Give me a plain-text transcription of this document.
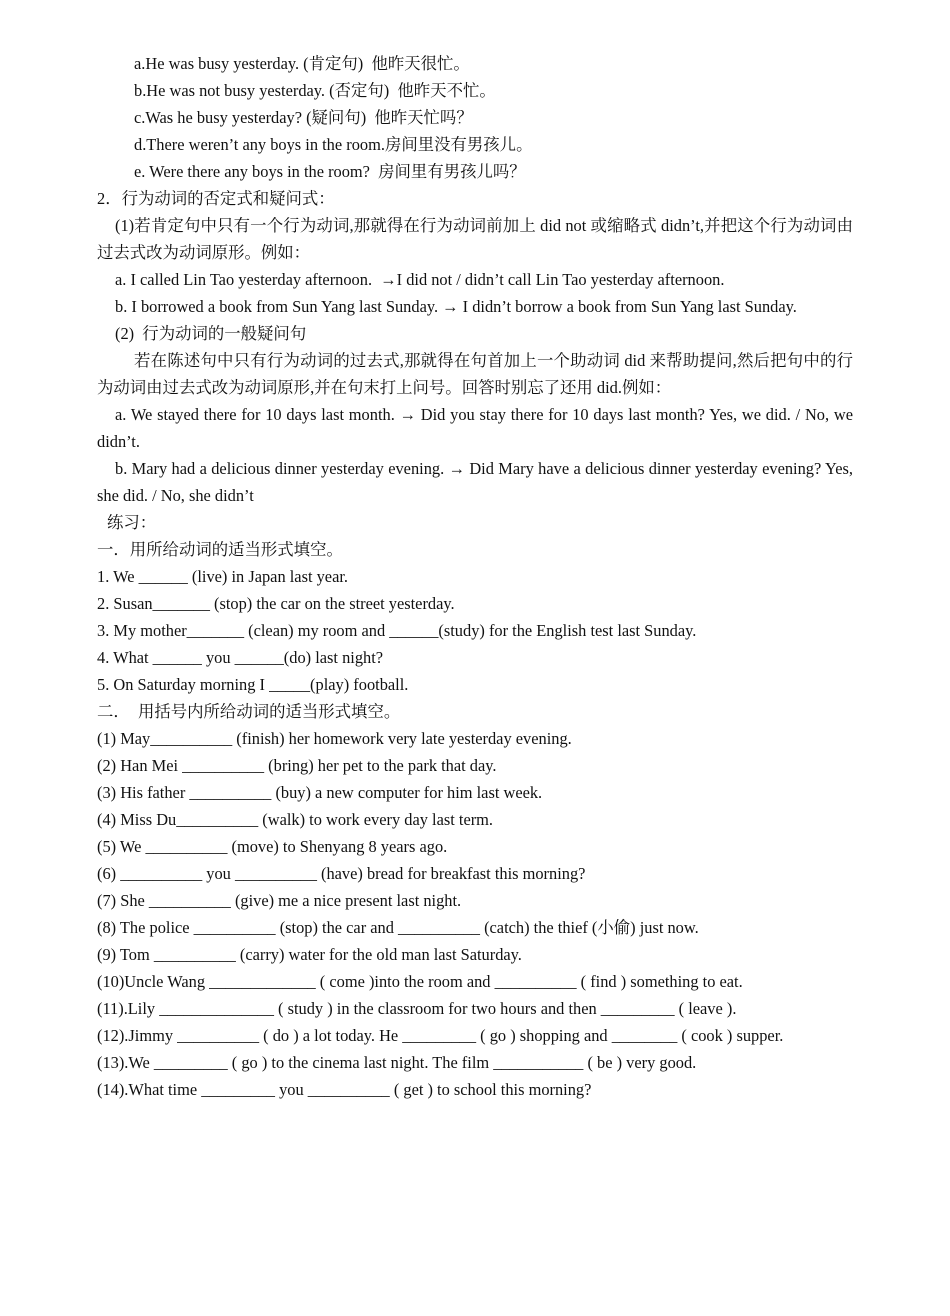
a.He was busy yesterday. (肯定句)  他昨天很忙。
b.He was not busy yesterday. (否定句)  他昨天不忙。
c.Was he busy yesterday? (疑问句)  他昨天忙吗？
d.There weren’t any boys in the room.房间里没有男孩儿。
e. Were there any boys in the room?  房间里有男孩儿吗？
2．行为动词的否定式和疑问式：

(1)若肯定句中只有一个行为动词,那就得在行为动词前加上 did not 或缩略式 didn’t,并把这个行为动词由过去式改为动词原形。例如：

a. I called Lin Tao yesterday afternoon.  →I did not / didn’t call Lin Tao yesterday afternoon.

b. I borrowed a book from Sun Yang last Sunday. → I didn’t borrow a book from Sun Yang last Sunday.

(2)  行为动词的一般疑问句

若在陈述句中只有行为动词的过去式,那就得在句首加上一个助动词 did 来帮助提问,然后把句中的行为动词由过去式改为动词原形,并在句末打上问号。回答时别忘了还用 did.例如：

a. We stayed there for 10 days last month. → Did you stay there for 10 days last month? Yes, we did. / No, we didn’t.

b. Mary had a delicious dinner yesterday evening. → Did Mary have a delicious dinner yesterday evening? Yes, she did. / No, she didn’t

练习：
一．用所给动词的适当形式填空。
1. We ______ (live) in Japan last year.
2. Susan_______ (stop) the car on the street yesterday.
3. My mother_______ (clean) my room and ______(study) for the English test last Sunday.
4. What ______ you ______(do) last night?
5. On Saturday morning I _____(play) football.
二．  用括号内所给动词的适当形式填空。
(1) May__________ (finish) her homework very late yesterday evening.
(2) Han Mei __________ (bring) her pet to the park that day.
(3) His father __________ (buy) a new computer for him last week.
(4) Miss Du__________ (walk) to work every day last term.
(5) We __________ (move) to Shenyang 8 years ago.
(6) __________ you __________ (have) bread for breakfast this morning?
(7) She __________ (give) me a nice present last night.
(8) The police __________ (stop) the car and __________ (catch) the thief (小偷) just now.
(9) Tom __________ (carry) water for the old man last Saturday.
(10)Uncle Wang _____________ ( come )into the room and __________ ( find ) something to eat.
(11).Lily ______________ ( study ) in the classroom for two hours and then _________ ( leave ).

(12).Jimmy __________ ( do ) a lot today. He _________ ( go ) shopping and ________ ( cook ) supper.

(13).We _________ ( go ) to the cinema last night. The film ___________ ( be ) very good.
(14).What time _________ you __________ ( get ) to school this morning?
